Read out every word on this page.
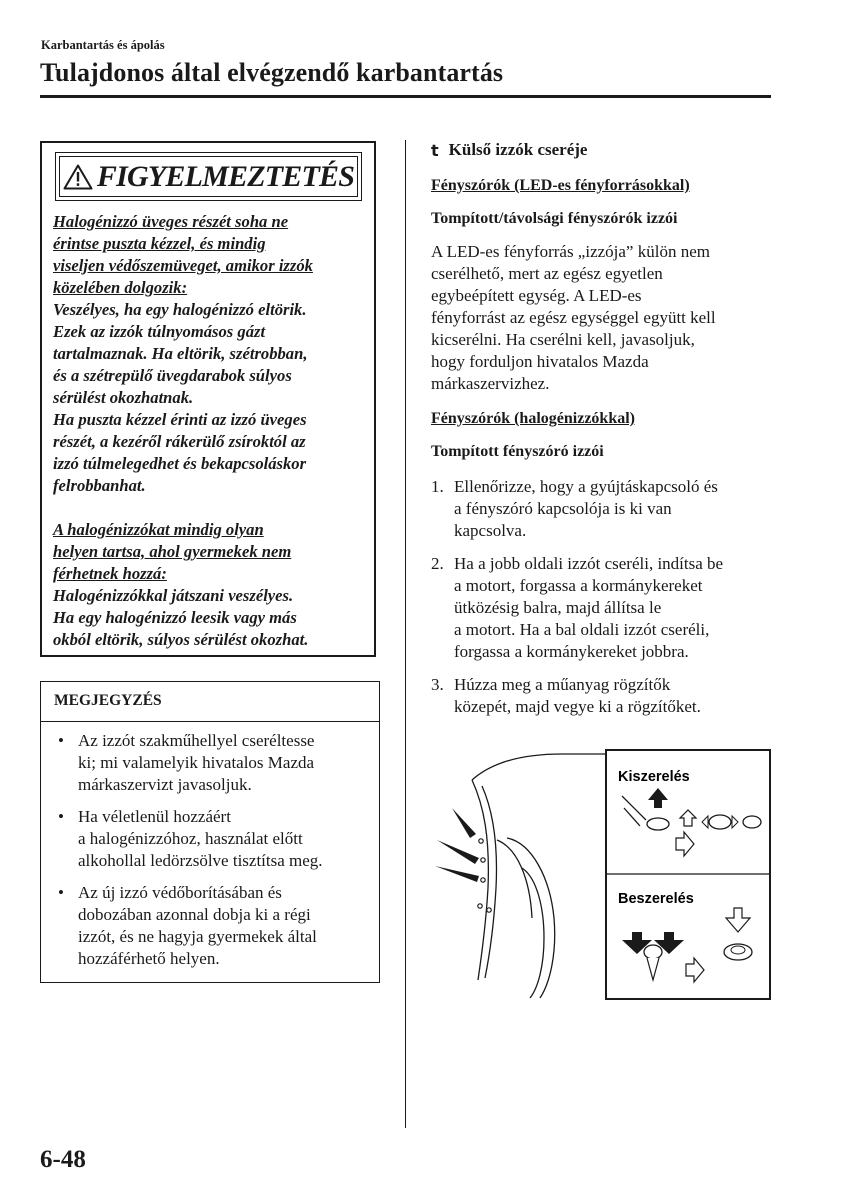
Karbantartás és ápolás
Tulajdonos által elvégzendő karbantartás
FIGYELMEZTETÉS

Halogénizzó üveges részét soha ne

érintse puszta kézzel, és mindig

viseljen védőszemüveget, amikor izzók

közelében dolgozik:

Veszélyes, ha egy halogénizzó eltörik.

Ezek az izzók túlnyomásos gázt

tartalmaznak. Ha eltörik, szétrobban,

és a szétrepülő üvegdarabok súlyos

sérülést okozhatnak.

Ha puszta kézzel érinti az izzó üveges

részét, a kezéről rákerülő zsíroktól az

izzó túlmelegedhet és bekapcsoláskor

felrobbanhat.

A halogénizzókat mindig olyan

helyen tartsa, ahol gyermekek nem

férhetnek hozzá:

Halogénizzókkal játszani veszélyes.

Ha egy halogénizzó leesik vagy más

okból eltörik, súlyos sérülést okozhat.

MEGJEGYZÉS
• Az izzót szakműhellyel cseréltesse
ki; mi valamelyik hivatalos Mazda
márkaszervizt javasoljuk.
• Ha véletlenül hozzáért
a halogénizzóhoz, használat előtt
alkohollal ledörzsölve tisztítsa meg.
• Az új izzó védőborításában és
dobozában azonnal dobja ki a régi
izzót, és ne hagyja gyermekek által
hozzáférhető helyen.
t Külső izzók cseréje
Fényszórók (LED-es fényforrásokkal)
Tompított/távolsági fényszórók izzói
A LED-es fényforrás „izzója” külön nem
cserélhető, mert az egész egyetlen
egybeépített egység. A LED-es
fényforrást az egész egységgel együtt kell
kicserélni. Ha cserélni kell, javasoljuk,
hogy forduljon hivatalos Mazda
márkaszervizhez.
Fényszórók (halogénizzókkal)
Tompított fényszóró izzói
1. Ellenőrizze, hogy a gyújtáskapcsoló és
a fényszóró kapcsolója is ki van
kapcsolva.
2. Ha a jobb oldali izzót cseréli, indítsa be
a motort, forgassa a kormánykereket
ütközésig balra, majd állítsa le
a motort. Ha a bal oldali izzót cseréli,
forgassa a kormánykereket jobbra.
3. Húzza meg a műanyag rögzítők
közepét, majd vegye ki a rögzítőket.
Kiszerelés
Beszerelés
6-48
